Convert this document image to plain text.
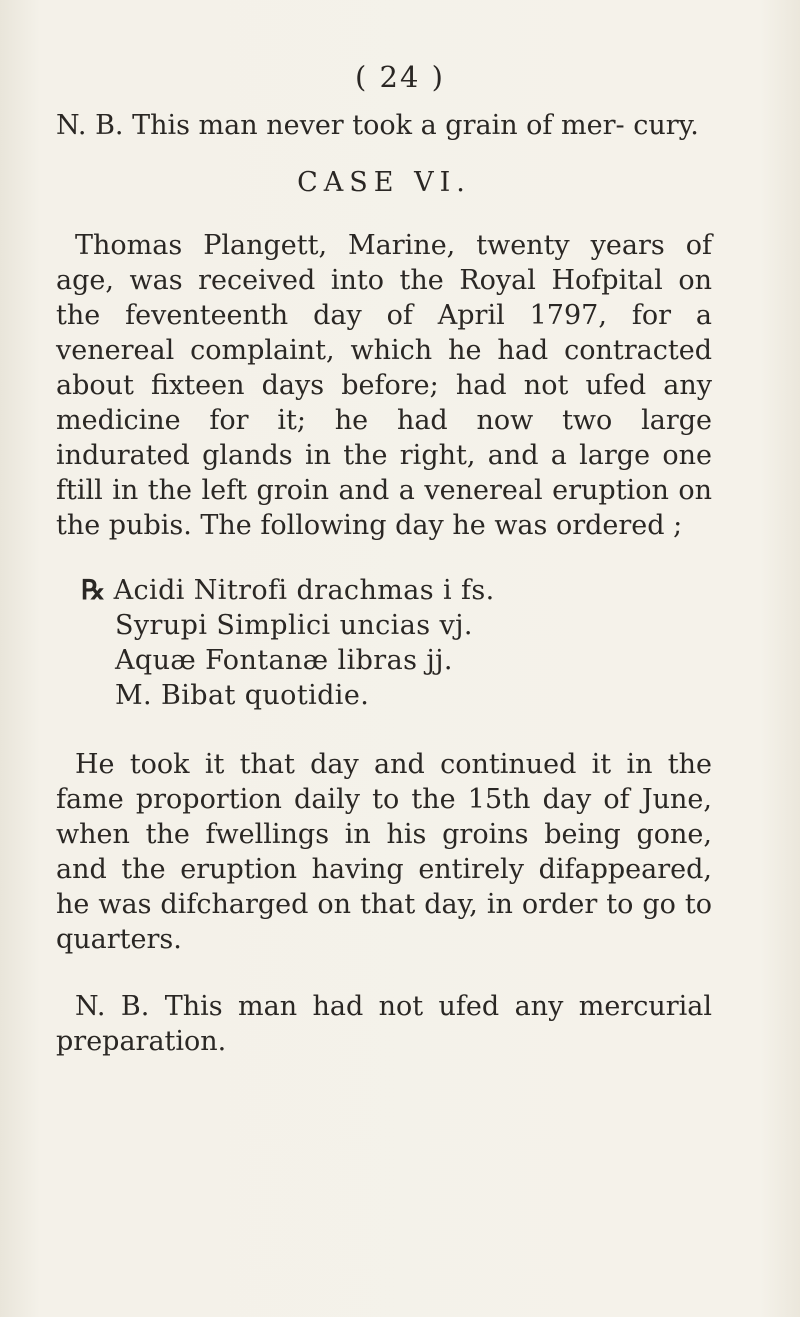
( 24 )

N. B. This man never took a grain of mer- cury.

CASE VI.

Thomas Plangett, Marine, twenty years of age, was received into the Royal Hofpital on the feventeenth day of April 1797, for a venereal complaint, which he had contracted about fixteen days before; had not ufed any medicine for it; he had now two large indurated glands in the right, and a large one ftill in the left groin and a venereal eruption on the pubis. The following day he was ordered ;

℞ Acidi Nitrofi drachmas i fs.
Syrupi Simplici uncias vj.
Aquæ Fontanæ libras jj.
M. Bibat quotidie.

He took it that day and continued it in the fame proportion daily to the 15th day of June, when the fwellings in his groins being gone, and the eruption having entirely difappeared, he was difcharged on that day, in order to go to quarters.

N. B. This man had not ufed any mercurial preparation.
